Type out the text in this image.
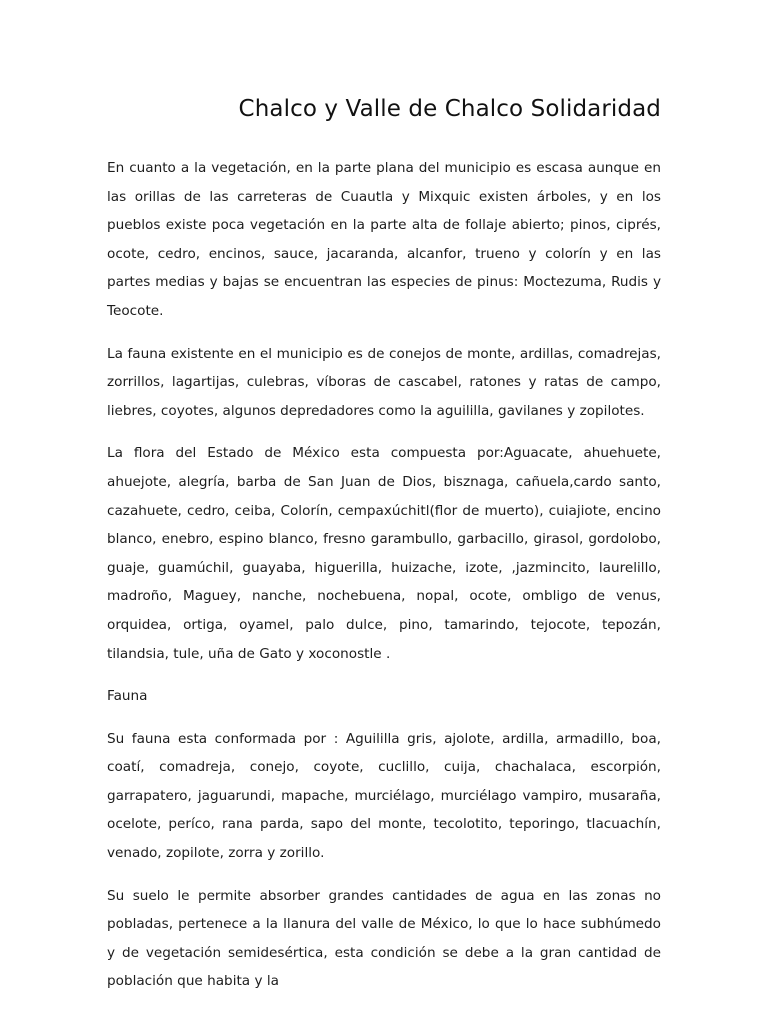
Chalco y Valle de Chalco Solidaridad

En cuanto a la vegetación, en la parte plana del municipio es escasa aunque en las orillas de las carreteras de Cuautla y Mixquic existen árboles, y en los pueblos existe poca vegetación en la parte alta de follaje abierto; pinos, ciprés, ocote, cedro, encinos, sauce, jacaranda, alcanfor, trueno y colorín y en las partes medias y bajas se encuentran las especies de pinus: Moctezuma, Rudis y Teocote.

La fauna existente en el municipio es de conejos de monte, ardillas, comadrejas, zorrillos, lagartijas, culebras, víboras de cascabel, ratones y ratas de campo, liebres, coyotes, algunos depredadores como la aguililla, gavilanes y zopilotes.

La flora del Estado de México esta compuesta por:Aguacate, ahuehuete, ahuejote, alegría, barba de San Juan de Dios, bisznaga, cañuela,cardo santo, cazahuete, cedro, ceiba, Colorín, cempaxúchitl(flor de muerto), cuiajiote, encino blanco, enebro, espino blanco, fresno garambullo, garbacillo, girasol, gordolobo, guaje, guamúchil, guayaba, higuerilla, huizache, izote, ,jazmincito, laurelillo, madroño, Maguey, nanche, nochebuena, nopal, ocote, ombligo de venus, orquidea, ortiga, oyamel, palo dulce, pino, tamarindo, tejocote, tepozán, tilandsia, tule, uña de Gato y xoconostle .

Fauna

Su fauna esta conformada por : Aguililla gris, ajolote, ardilla, armadillo, boa, coatí, comadreja, conejo, coyote, cuclillo, cuija, chachalaca, escorpión, garrapatero, jaguarundi, mapache, murciélago, murciélago vampiro, musaraña, ocelote, períco, rana parda, sapo del monte, tecolotito, teporingo, tlacuachín, venado, zopilote, zorra y zorillo.

Su suelo le permite absorber grandes cantidades de agua en las zonas no pobladas, pertenece a la llanura del valle de México, lo que lo hace subhúmedo y de vegetación semidesértica, esta condición se debe a la gran cantidad de población que habita y la
